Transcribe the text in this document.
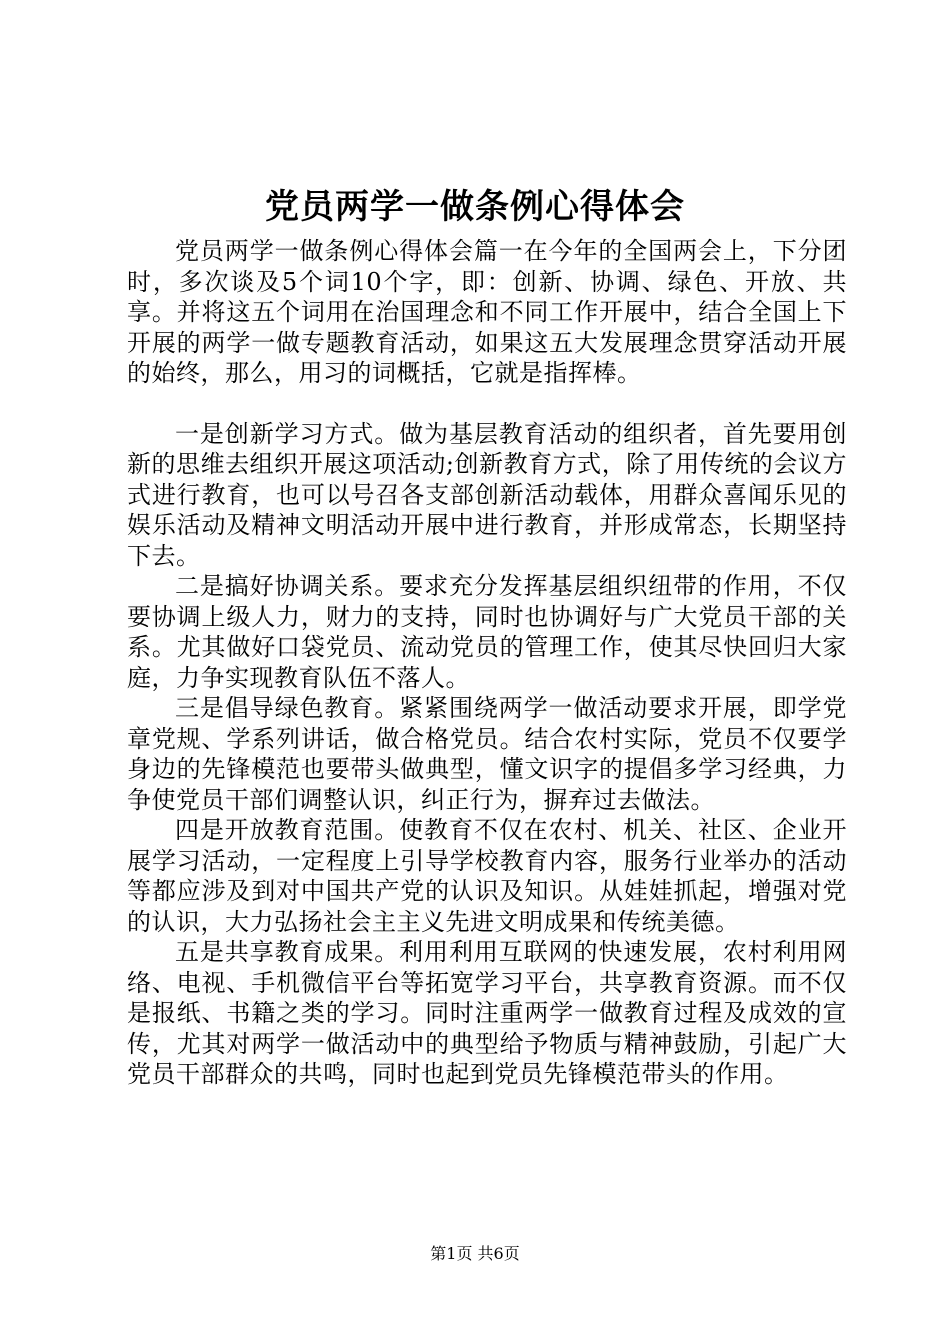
党员两学一做条例心得体会

党员两学一做条例心得体会篇一在今年的全国两会上，下分团时，多次谈及5个词10个字，即：创新、协调、绿色、开放、共享。并将这五个词用在治国理念和不同工作开展中，结合全国上下开展的两学一做专题教育活动，如果这五大发展理念贯穿活动开展的始终，那么，用习的词概括，它就是指挥棒。

一是创新学习方式。做为基层教育活动的组织者，首先要用创新的思维去组织开展这项活动;创新教育方式，除了用传统的会议方式进行教育，也可以号召各支部创新活动载体，用群众喜闻乐见的娱乐活动及精神文明活动开展中进行教育，并形成常态，长期坚持下去。

二是搞好协调关系。要求充分发挥基层组织纽带的作用，不仅要协调上级人力，财力的支持，同时也协调好与广大党员干部的关系。尤其做好口袋党员、流动党员的管理工作，使其尽快回归大家庭，力争实现教育队伍不落人。

三是倡导绿色教育。紧紧围绕两学一做活动要求开展，即学党章党规、学系列讲话，做合格党员。结合农村实际，党员不仅要学身边的先锋模范也要带头做典型，懂文识字的提倡多学习经典，力争使党员干部们调整认识，纠正行为，摒弃过去做法。

四是开放教育范围。使教育不仅在农村、机关、社区、企业开展学习活动，一定程度上引导学校教育内容，服务行业举办的活动等都应涉及到对中国共产党的认识及知识。从娃娃抓起，增强对党的认识，大力弘扬社会主主义先进文明成果和传统美德。

五是共享教育成果。利用利用互联网的快速发展，农村利用网络、电视、手机微信平台等拓宽学习平台，共享教育资源。而不仅是报纸、书籍之类的学习。同时注重两学一做教育过程及成效的宣传，尤其对两学一做活动中的典型给予物质与精神鼓励，引起广大党员干部群众的共鸣，同时也起到党员先锋模范带头的作用。

第1页 共6页
